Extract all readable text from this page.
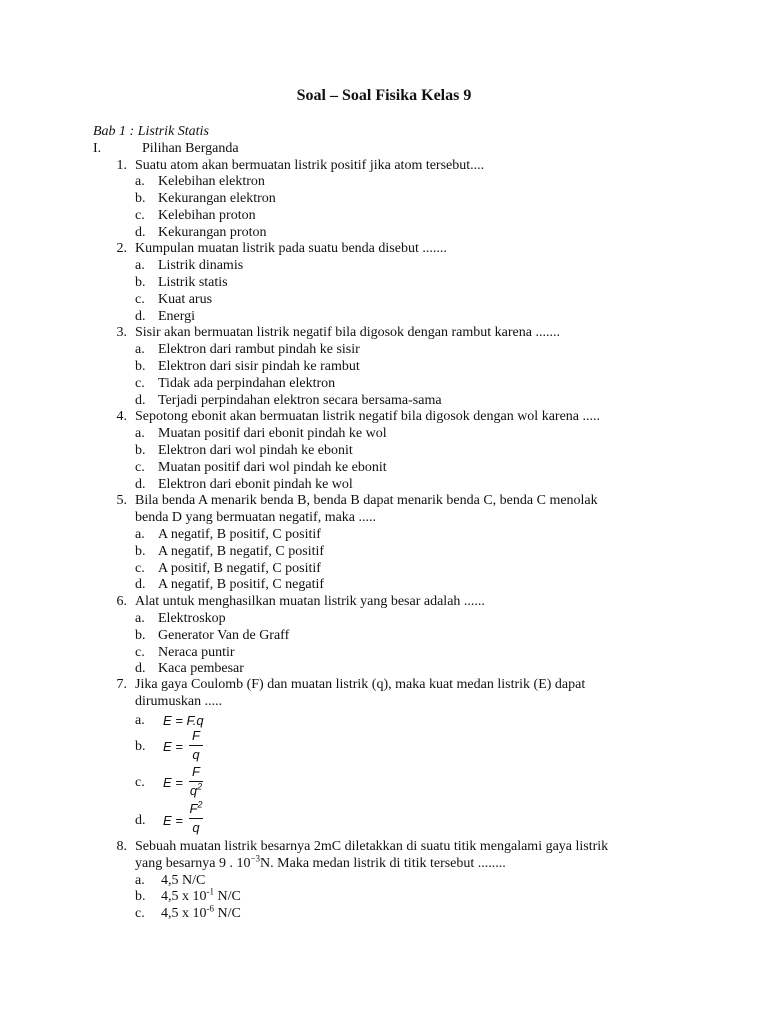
Soal – Soal Fisika Kelas 9
Bab 1 : Listrik Statis
I.	Pilihan Berganda
1. Suatu atom akan bermuatan listrik positif jika atom tersebut....
a. Kelebihan elektron
b. Kekurangan elektron
c. Kelebihan proton
d. Kekurangan proton
2. Kumpulan muatan listrik pada suatu benda disebut .......
a. Listrik dinamis
b. Listrik statis
c. Kuat arus
d. Energi
3. Sisir akan bermuatan listrik negatif bila digosok dengan rambut karena .......
a. Elektron dari rambut pindah ke sisir
b. Elektron dari sisir pindah ke rambut
c. Tidak ada perpindahan elektron
d. Terjadi perpindahan elektron secara bersama-sama
4. Sepotong ebonit akan bermuatan listrik negatif bila digosok dengan wol karena .....
a. Muatan positif dari ebonit pindah ke wol
b. Elektron dari wol pindah ke ebonit
c. Muatan positif dari wol pindah ke ebonit
d. Elektron dari ebonit pindah ke wol
5. Bila benda A menarik benda B, benda B dapat menarik benda C, benda C menolak
benda D yang bermuatan negatif, maka .....
a. A negatif, B positif, C positif
b. A negatif, B negatif, C positif
c. A positif, B negatif, C positif
d. A negatif, B positif, C negatif
6. Alat untuk menghasilkan muatan listrik yang besar adalah ......
a. Elektroskop
b. Generator Van de Graff
c. Neraca puntir
d. Kaca pembesar
7. Jika gaya Coulomb (F) dan muatan listrik (q), maka kuat medan listrik (E) dapat
dirumuskan .....
a. E = F.q
b. $E = \frac{F}{q}$
c. $E = \frac{F}{q^2}$
d. $E = \frac{F^2}{q}$
8. Sebuah muatan listrik besarnya 2mC diletakkan di suatu titik mengalami gaya listrik
yang besarnya 9 . $10^{-3}N$. Maka medan listrik di titik tersebut ........
a. 4,5 N/C
b. 4,5 x $10^{-1}$ N/C
c. 4,5 x $10^{-6}$ N/C
